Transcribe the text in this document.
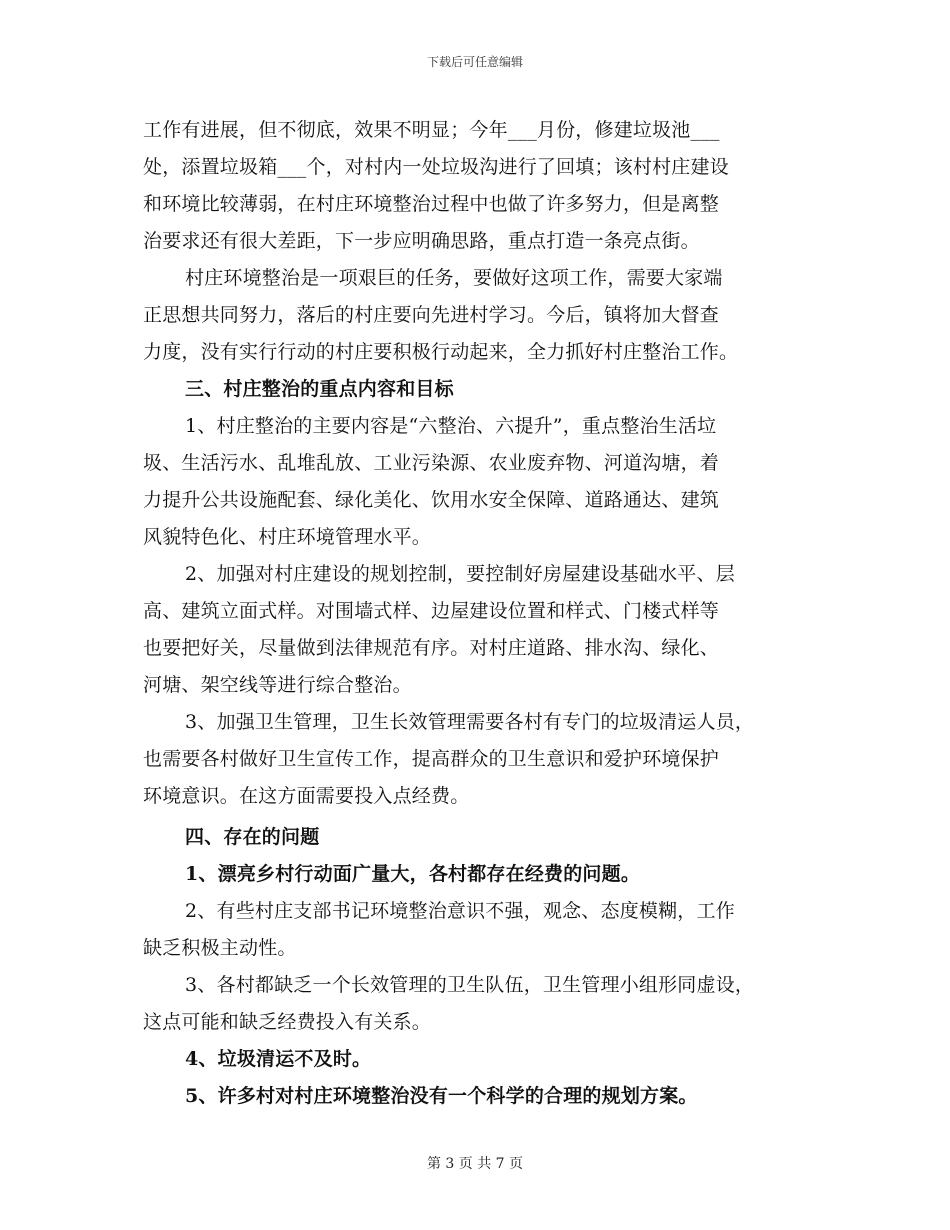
下载后可任意编辑
工作有进展，但不彻底，效果不明显；今年___月份，修建垃圾池___
处，添置垃圾箱___个，对村内一处垃圾沟进行了回填；该村村庄建设
和环境比较薄弱，在村庄环境整治过程中也做了许多努力，但是离整
治要求还有很大差距，下一步应明确思路，重点打造一条亮点街。
村庄环境整治是一项艰巨的任务，要做好这项工作，需要大家端
正思想共同努力，落后的村庄要向先进村学习。今后，镇将加大督查
力度，没有实行行动的村庄要积极行动起来，全力抓好村庄整治工作。
三、村庄整治的重点内容和目标
1、村庄整治的主要内容是“六整治、六提升”，重点整治生活垃
圾、生活污水、乱堆乱放、工业污染源、农业废弃物、河道沟塘，着
力提升公共设施配套、绿化美化、饮用水安全保障、道路通达、建筑
风貌特色化、村庄环境管理水平。
2、加强对村庄建设的规划控制，要控制好房屋建设基础水平、层
高、建筑立面式样。对围墙式样、边屋建设位置和样式、门楼式样等
也要把好关，尽量做到法律规范有序。对村庄道路、排水沟、绿化、
河塘、架空线等进行综合整治。
3、加强卫生管理，卫生长效管理需要各村有专门的垃圾清运人员，
也需要各村做好卫生宣传工作，提高群众的卫生意识和爱护环境保护
环境意识。在这方面需要投入点经费。
四、存在的问题
1、漂亮乡村行动面广量大，各村都存在经费的问题。
2、有些村庄支部书记环境整治意识不强，观念、态度模糊，工作
缺乏积极主动性。
3、各村都缺乏一个长效管理的卫生队伍，卫生管理小组形同虚设，
这点可能和缺乏经费投入有关系。
4、垃圾清运不及时。
5、许多村对村庄环境整治没有一个科学的合理的规划方案。
第 3 页 共 7 页
